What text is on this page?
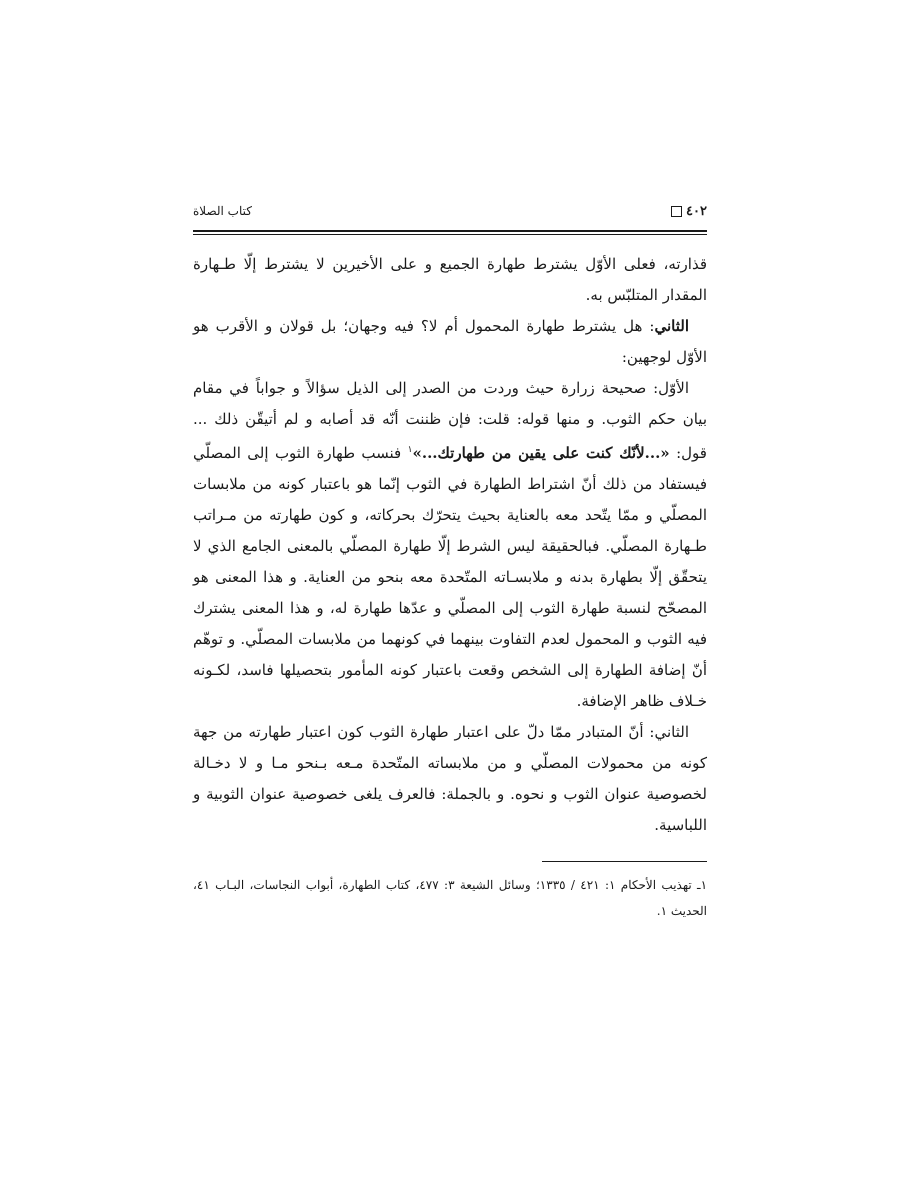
٤٠٢
كتاب الصلاة

قذارته، فعلى الأوّل يشترط طهارة الجميع و على الأخيرين لا يشترط إلّا طـهارة المقدار المتلبّس به.

الثاني: هل يشترط طهارة المحمول أم لا؟ فيه وجهان؛ بل قولان و الأقرب هو الأوّل لوجهين:

الأوّل: صحيحة زرارة حيث وردت من الصدر إلى الذيل سؤالاً و جواباً في مقام بيان حكم الثوب. و منها قوله: قلت: فإن ظننت أنّه قد أصابه و لم أتيقّن ذلك ... قول: «...لأنّك كنت على يقين من طهارتك...»$^١$ فنسب طهارة الثوب إلى المصلّي فيستفاد من ذلك أنّ اشتراط الطهارة في الثوب إنّما هو باعتبار كونه من ملابسات المصلّي و ممّا يتّحد معه بالعناية بحيث يتحرّك بحركاته، و كون طهارته من مـراتب طـهارة المصلّي. فبالحقيقة ليس الشرط إلّا طهارة المصلّي بالمعنى الجامع الذي لا يتحقّق إلّا بطهارة بدنه و ملابسـاته المتّحدة معه بنحو من العناية. و هذا المعنى هو المصحّح لنسبة طهارة الثوب إلى المصلّي و عدّها طهارة له، و هذا المعنى يشترك فيه الثوب و المحمول لعدم التفاوت بينهما في كونهما من ملابسات المصلّي. و توهّم أنّ إضافة الطهارة إلى الشخص وقعت باعتبار كونه المأمور بتحصيلها فاسد، لكـونه خـلاف ظاهر الإضافة.

الثاني: أنّ المتبادر ممّا دلّ على اعتبار طهارة الثوب كون اعتبار طهارته من جهة كونه من محمولات المصلّي و من ملابساته المتّحدة مـعه بـنحو مـا و لا دخـالة لخصوصية عنوان الثوب و نحوه. و بالجملة: فالعرف يلغى خصوصية عنوان الثوبية و اللباسية.

١ـ تهذيب الأحكام ١: ٤٢١ / ١٣٣٥؛ وسائل الشيعة ٣: ٤٧٧، كتاب الطهارة، أبواب النجاسات، البـاب ٤١، الحديث ١.
